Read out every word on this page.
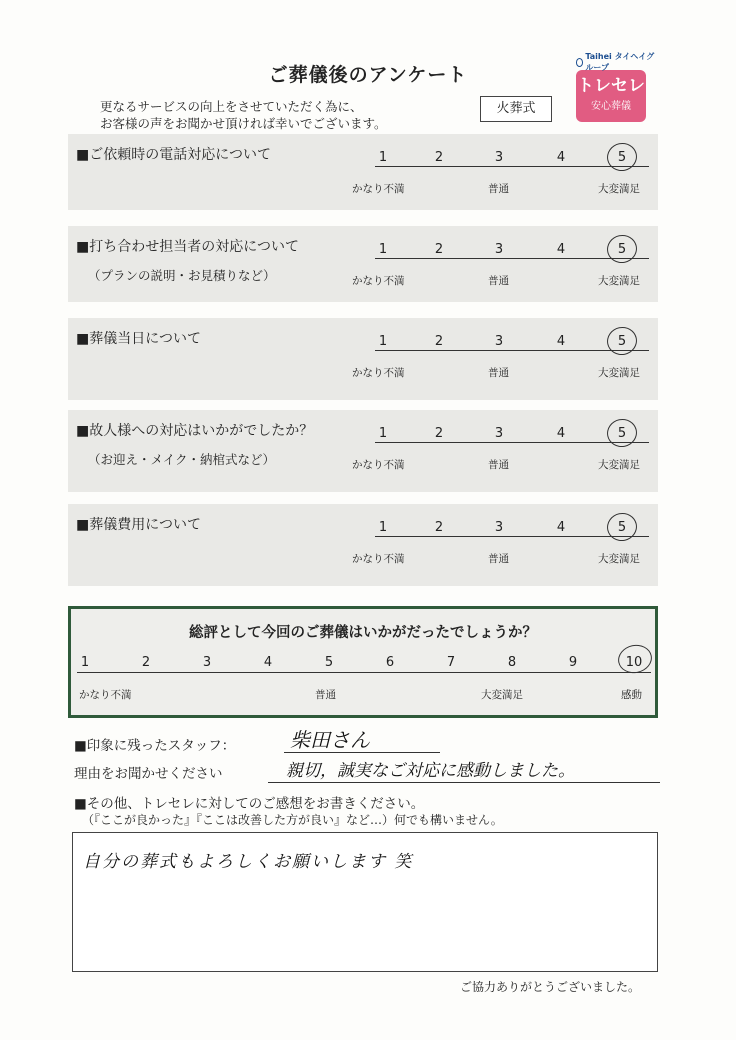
ご葬儀後のアンケート
更なるサービスの向上をさせていただく為に、
お客様の声をお聞かせ頂ければ幸いでございます。
火葬式
Taihei タイヘイグループ
トレセレ
安心葬儀
■ご依頼時の電話対応について	1	2	3	4	5
かなり不満	普通	大変満足
■打ち合わせ担当者の対応について
（プランの説明・お見積りなど）
1	2	3	4	5
かなり不満	普通	大変満足
■葬儀当日について	1	2	3	4	5
かなり不満	普通	大変満足
■故人様への対応はいかがでしたか？
（お迎え・メイク・納棺式など）
1	2	3	4	5
かなり不満	普通	大変満足
■葬儀費用について	1	2	3	4	5
かなり不満	普通	大変満足
総評として今回のご葬儀はいかがだったでしょうか？
1	2	3	4	5	6	7	8	9	10
かなり不満	普通	大変満足	感動
■印象に残ったスタッフ：	柴田さん
理由をお聞かせください	親切，誠実なご対応に感動しました。
■その他、トレセレに対してのご感想をお書きください。
（『ここが良かった』『ここは改善した方が良い』など…）何でも構いません。
自分の葬式もよろしくお願いします 笑
ご協力ありがとうございました。
